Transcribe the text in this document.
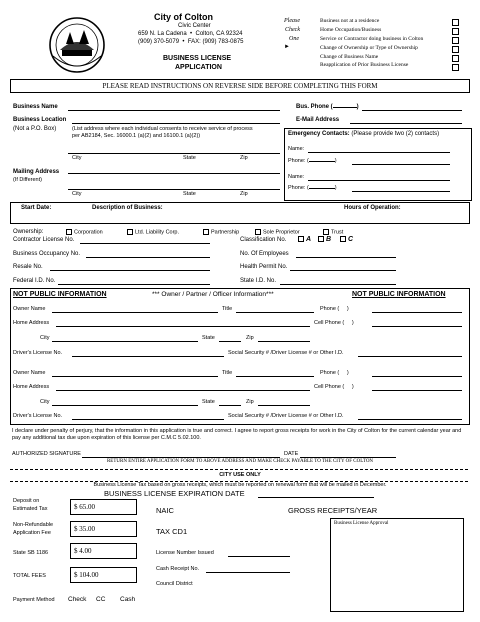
City of Colton
Civic Center
659 N. La Cadena  •  Colton, CA 92324
(909) 370-5079  •  FAX: (909) 783-0875
BUSINESS LICENSE
APPLICATION
Please
Check
One
►
Business not at a residence
Home Occupation/Business
Service or Contractor doing business in Colton
Change of Ownership or Type of Ownership
Change of Business Name
Reapplication of Prior Business License
PLEASE READ INSTRUCTIONS ON REVERSE SIDE BEFORE COMPLETING THIS FORM
Business Name
Business Location
(Not a P.O. Box)	(List address where each individual consents to receive service of process
per AB2184, Sec. 16000.1 (a)(2) and 16100.1 (a)(2))
City	State	Zip
Mailing Address
(If Different)
City	State	Zip
Bus. Phone (	)
E-Mail Address
Emergency Contacts: (Please provide two (2) contacts)
Name:
Phone: (	)
Name:
Phone: (	)
Start Date:	Description of Business:	Hours of Operation:
Ownership:	Corporation	Ltd. Liability Corp.	Partnership	Sole Proprietor	Trust
Contractor License No.
Business Occupancy No.
Resale No.
Federal I.D. No.
Classification No.	A	B	C
No. Of Employees
Health Permit No.
State I.D. No.
NOT PUBLIC INFORMATION	*** Owner / Partner / Officer Information***	NOT PUBLIC INFORMATION
Owner Name	Title	Phone (     )
Home Address	Cell Phone (     )
City	State	Zip
Driver's License No.	Social Security # /Driver License # or Other I.D.
Owner Name	Title	Phone (     )
Home Address	Cell Phone (     )
City	State	Zip
Driver's License No.	Social Security # /Driver License # or Other I.D.
I declare under penalty of perjury, that the information in this application is true and correct. I agree to report gross receipts for work in the City of Colton for the current calendar year and pay any additional tax due upon expiration of this license per C.M.C 5.02.100.
AUTHORIZED SIGNATURE	DATE
RETURN ENTIRE APPLICATION FORM TO ABOVE ADDRESS AND MAKE CHECK PAYABLE TO THE CITY OF COLTON
CITY USE ONLY
Business License Tax based on gross receipts, which must be reported on renewal form that will be mailed in December.
BUSINESS LICENSE EXPIRATION DATE
Deposit on
Estimated Tax	$ 65.00
Non-Refundable
Application Fee	$ 35.00
State SB 1186	$ 4.00
TOTAL FEES	$ 104.00
Payment Method Check CC Cash
NAIC
TAX CD1
GROSS RECEIPTS/YEAR
Business License Approval
License Number Issued
Cash Receipt No.
Council District
